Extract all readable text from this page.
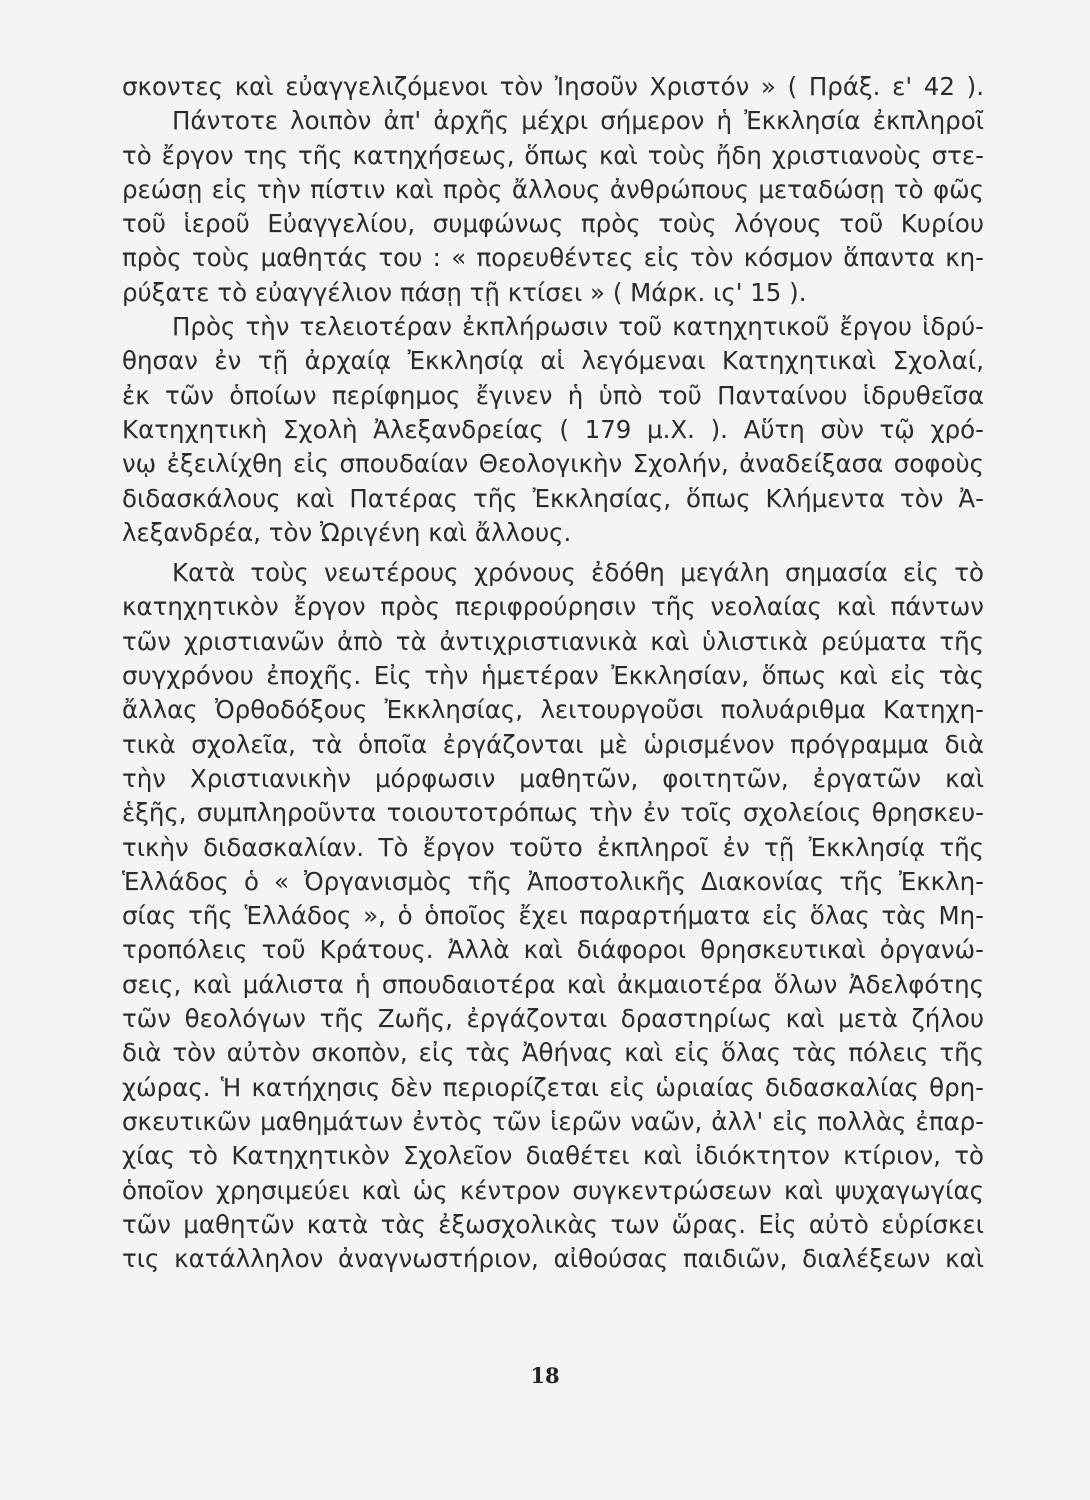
σκοντες καὶ εὐαγγελιζόμενοι τὸν Ἰησοῦν Χριστόν » ( Πράξ. ε' 42 ).
Πάντοτε λοιπὸν ἀπ' ἀρχῆς μέχρι σήμερον ἡ Ἐκκλησία ἐκπληροῖ
τὸ ἔργον της τῆς κατηχήσεως, ὅπως καὶ τοὺς ἤδη χριστιανοὺς στε-
ρεώσῃ εἰς τὴν πίστιν καὶ πρὸς ἄλλους ἀνθρώπους μεταδώσῃ τὸ φῶς
τοῦ ἱεροῦ Εὐαγγελίου, συμφώνως πρὸς τοὺς λόγους τοῦ Κυρίου
πρὸς τοὺς μαθητάς του : « πορευθέντες εἰς τὸν κόσμον ἅπαντα κη-
ρύξατε τὸ εὐαγγέλιον πάσῃ τῇ κτίσει » ( Μάρκ. ις' 15 ).
Πρὸς τὴν τελειοτέραν ἐκπλήρωσιν τοῦ κατηχητικοῦ ἔργου ἱδρύ-
θησαν ἐν τῇ ἀρχαίᾳ Ἐκκλησίᾳ αἱ λεγόμεναι Κατηχητικαὶ Σχολαί,
ἐκ τῶν ὁποίων περίφημος ἔγινεν ἡ ὑπὸ τοῦ Πανταίνου ἱδρυθεῖσα
Κατηχητικὴ Σχολὴ Ἀλεξανδρείας ( 179 μ.Χ. ). Αὕτη σὺν τῷ χρό-
νῳ ἐξειλίχθη εἰς σπουδαίαν Θεολογικὴν Σχολήν, ἀναδείξασα σοφοὺς
διδασκάλους καὶ Πατέρας τῆς Ἐκκλησίας, ὅπως Κλήμεντα τὸν Ἀ-
λεξανδρέα, τὸν Ὠριγένη καὶ ἄλλους.
Κατὰ τοὺς νεωτέρους χρόνους ἐδόθη μεγάλη σημασία εἰς τὸ
κατηχητικὸν ἔργον πρὸς περιφρούρησιν τῆς νεολαίας καὶ πάντων
τῶν χριστιανῶν ἀπὸ τὰ ἀντιχριστιανικὰ καὶ ὑλιστικὰ ρεύματα τῆς
συγχρόνου ἐποχῆς. Εἰς τὴν ἡμετέραν Ἐκκλησίαν, ὅπως καὶ εἰς τὰς
ἄλλας Ὀρθοδόξους Ἐκκλησίας, λειτουργοῦσι πολυάριθμα Κατηχη-
τικὰ σχολεῖα, τὰ ὁποῖα ἐργάζονται μὲ ὡρισμένον πρόγραμμα διὰ
τὴν Χριστιανικὴν μόρφωσιν μαθητῶν, φοιτητῶν, ἐργατῶν καὶ
ἑξῆς, συμπληροῦντα τοιουτοτρόπως τὴν ἐν τοῖς σχολείοις θρησκευ-
τικὴν διδασκαλίαν. Τὸ ἔργον τοῦτο ἐκπληροῖ ἐν τῇ Ἐκκλησίᾳ τῆς
Ἑλλάδος ὁ « Ὀργανισμὸς τῆς Ἀποστολικῆς Διακονίας τῆς Ἐκκλη-
σίας τῆς Ἑλλάδος », ὁ ὁποῖος ἔχει παραρτήματα εἰς ὅλας τὰς Μη-
τροπόλεις τοῦ Κράτους. Ἀλλὰ καὶ διάφοροι θρησκευτικαὶ ὀργανώ-
σεις, καὶ μάλιστα ἡ σπουδαιοτέρα καὶ ἀκμαιοτέρα ὅλων Ἀδελφότης
τῶν θεολόγων τῆς Ζωῆς, ἐργάζονται δραστηρίως καὶ μετὰ ζήλου
διὰ τὸν αὐτὸν σκοπὸν, εἰς τὰς Ἀθήνας καὶ εἰς ὅλας τὰς πόλεις τῆς
χώρας. Ἡ κατήχησις δὲν περιορίζεται εἰς ὡριαίας διδασκαλίας θρη-
σκευτικῶν μαθημάτων ἐντὸς τῶν ἱερῶν ναῶν, ἀλλ' εἰς πολλὰς ἐπαρ-
χίας τὸ Κατηχητικὸν Σχολεῖον διαθέτει καὶ ἰδιόκτητον κτίριον, τὸ
ὁποῖον χρησιμεύει καὶ ὡς κέντρον συγκεντρώσεων καὶ ψυχαγωγίας
τῶν μαθητῶν κατὰ τὰς ἐξωσχολικὰς των ὥρας. Εἰς αὐτὸ εὑρίσκει
τις κατάλληλον ἀναγνωστήριον, αἰθούσας παιδιῶν, διαλέξεων καὶ
18
